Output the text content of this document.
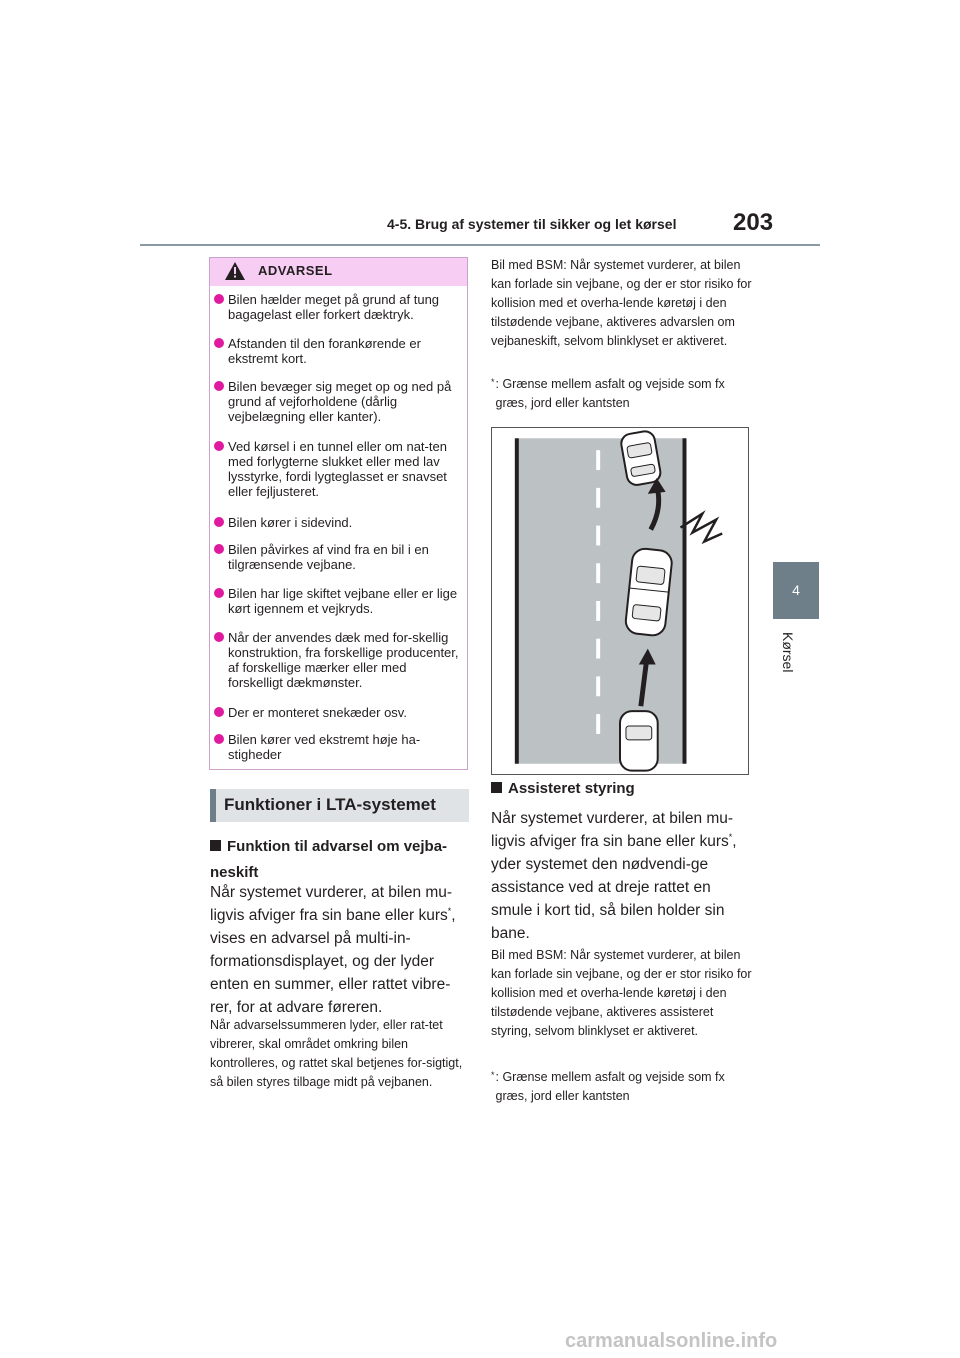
4-5. Brug af systemer til sikker og let kørsel 203
4
Kørsel
ADVARSEL
Bilen hælder meget på grund af tung bagagelast eller forkert dæktryk.
Afstanden til den forankørende er ekstremt kort.
Bilen bevæger sig meget op og ned på grund af vejforholdene (dårlig vejbelægning eller kanter).
Ved kørsel i en tunnel eller om nat-ten med forlygterne slukket eller med lav lysstyrke, fordi lygteglasset er snavset eller fejljusteret.
Bilen kører i sidevind.
Bilen påvirkes af vind fra en bil i en tilgrænsende vejbane.
Bilen har lige skiftet vejbane eller er lige kørt igennem et vejkryds.
Når der anvendes dæk med for-skellig konstruktion, fra forskellige producenter, af forskellige mærker eller med forskelligt dækmønster.
Der er monteret snekæder osv.
Bilen kører ved ekstremt høje ha-stigheder
Funktioner i LTA-systemet
Funktion til advarsel om vejba-neskift
Når systemet vurderer, at bilen mu-ligvis afviger fra sin bane eller kurs*, vises en advarsel på multi-in-formationsdisplayet, og der lyder enten en summer, eller rattet vibre-rer, for at advare føreren.
Når advarselssummeren lyder, eller rat-tet vibrerer, skal området omkring bilen kontrolleres, og rattet skal betjenes for-sigtigt, så bilen styres tilbage midt på vejbanen.
Bil med BSM: Når systemet vurderer, at bilen kan forlade sin vejbane, og der er stor risiko for kollision med et overha-lende køretøj i den tilstødende vejbane, aktiveres advarslen om vejbaneskift, selvom blinklyset er aktiveret.
* : Grænse mellem asfalt og vejside som fx græs, jord eller kantsten
Assisteret styring
Når systemet vurderer, at bilen mu-ligvis afviger fra sin bane eller kurs*, yder systemet den nødvendi-ge assistance ved at dreje rattet en smule i kort tid, så bilen holder sin bane.
Bil med BSM: Når systemet vurderer, at bilen kan forlade sin vejbane, og der er stor risiko for kollision med et overha-lende køretøj i den tilstødende vejbane, aktiveres assisteret styring, selvom blinklyset er aktiveret.
* : Grænse mellem asfalt og vejside som fx græs, jord eller kantsten
carmanualsonline.info
